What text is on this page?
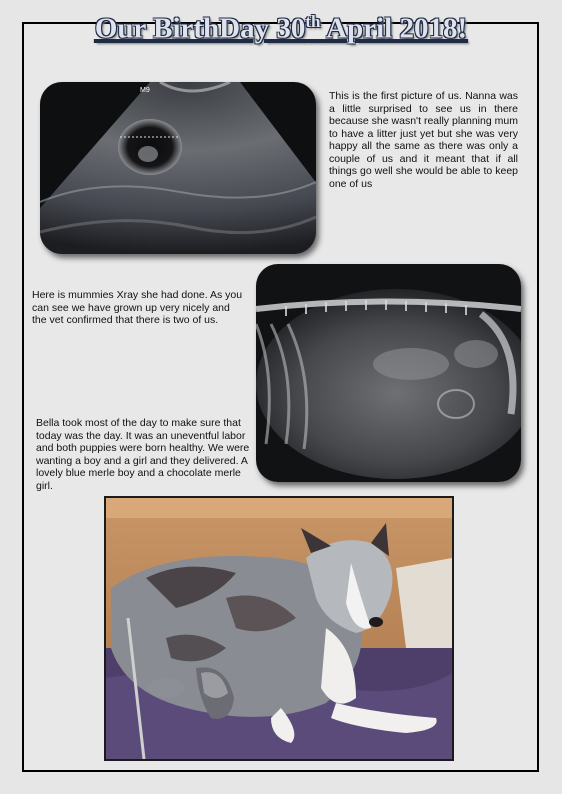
Our BirthDay 30th April 2018!
M9	This is the first picture of us. Nanna was a little surprised to see us in there because she wasn't really planning mum to have a litter just yet but she was very happy all the same as there was only a couple of us and it meant that if all things go well she would be able to keep one of us
Here is mummies Xray she had done. As you can see we have grown up very nicely and the vet confirmed that there is two of us.
Bella took most of the day to make sure that today was the day. It was an uneventful labor and both puppies were born healthy. We were wanting a boy and a girl and they delivered. A lovely blue merle boy and a chocolate merle girl.
